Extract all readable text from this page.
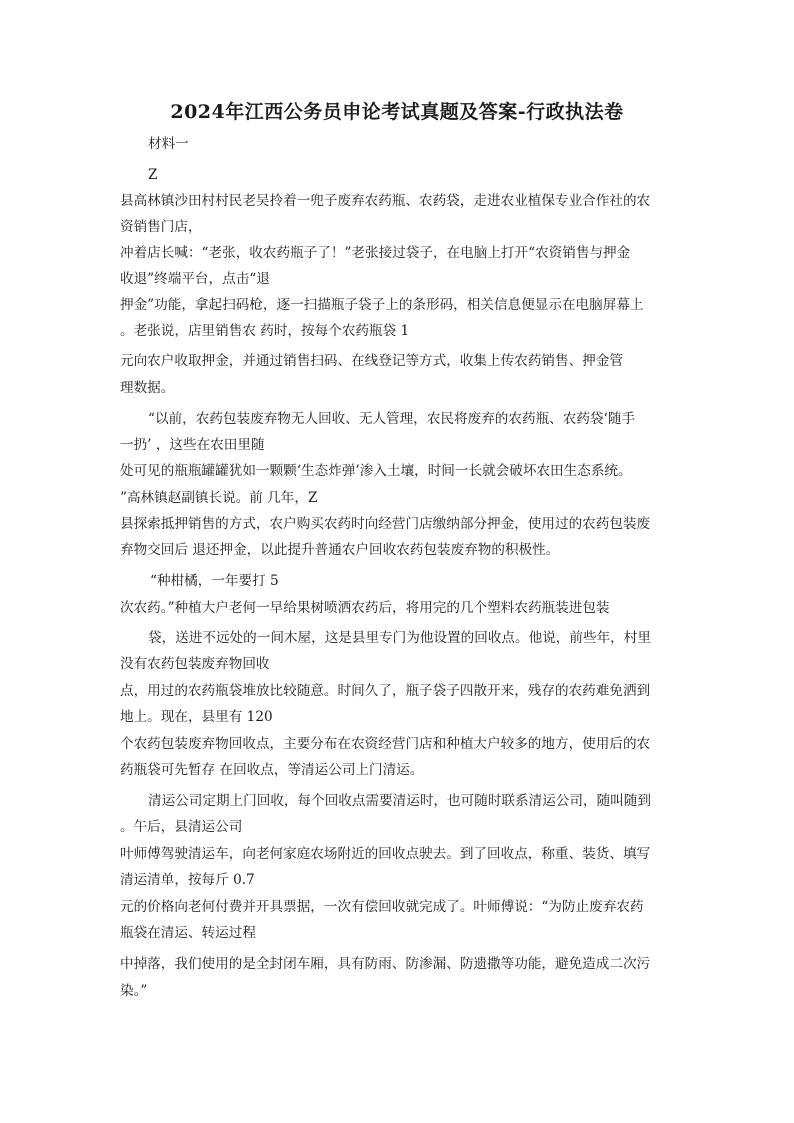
2024年江西公务员申论考试真题及答案-行政执法卷
材料一
Z
县高林镇沙田村村民老吴拎着一兜子废弃农药瓶、农药袋，走进农业植保专业合作社的农
资销售门店，
冲着店长喊：“老张，收农药瓶子了！”老张接过袋子，在电脑上打开“农资销售与押金
收退”终端平台，点击“退
押金”功能，拿起扫码枪，逐一扫描瓶子袋子上的条形码，相关信息便显示在电脑屏幕上
。老张说，店里销售农 药时，按每个农药瓶袋 1
元向农户收取押金，并通过销售扫码、在线登记等方式，收集上传农药销售、押金管
理数据。
“以前，农药包装废弃物无人回收、无人管理，农民将废弃的农药瓶、农药袋‘随手
一扔’ ，这些在农田里随
处可见的瓶瓶罐罐犹如一颗颗‘生态炸弹’渗入土壤，时间一长就会破坏农田生态系统。
”高林镇赵副镇长说。前 几年，Z
县探索抵押销售的方式，农户购买农药时向经营门店缴纳部分押金，使用过的农药包装废
弃物交回后 退还押金，以此提升普通农户回收农药包装废弃物的积极性。
“种柑橘，一年要打 5
次农药。”种植大户老何一早给果树喷洒农药后，将用完的几个塑料农药瓶装进包装
袋，送进不远处的一间木屋，这是县里专门为他设置的回收点。他说，前些年，村里
没有农药包装废弃物回收
点，用过的农药瓶袋堆放比较随意。时间久了，瓶子袋子四散开来，残存的农药难免洒到
地上。现在，县里有 120
个农药包装废弃物回收点，主要分布在农资经营门店和种植大户较多的地方，使用后的农
药瓶袋可先暂存 在回收点，等清运公司上门清运。
清运公司定期上门回收，每个回收点需要清运时，也可随时联系清运公司，随叫随到
。午后，县清运公司
叶师傅驾驶清运车，向老何家庭农场附近的回收点驶去。到了回收点，称重、装货、填写
清运清单，按每斤 0.7
元的价格向老何付费并开具票据，一次有偿回收就完成了。叶师傅说：“为防止废弃农药
瓶袋在清运、转运过程
中掉落，我们使用的是全封闭车厢，具有防雨、防渗漏、防遗撒等功能，避免造成二次污
染。”
